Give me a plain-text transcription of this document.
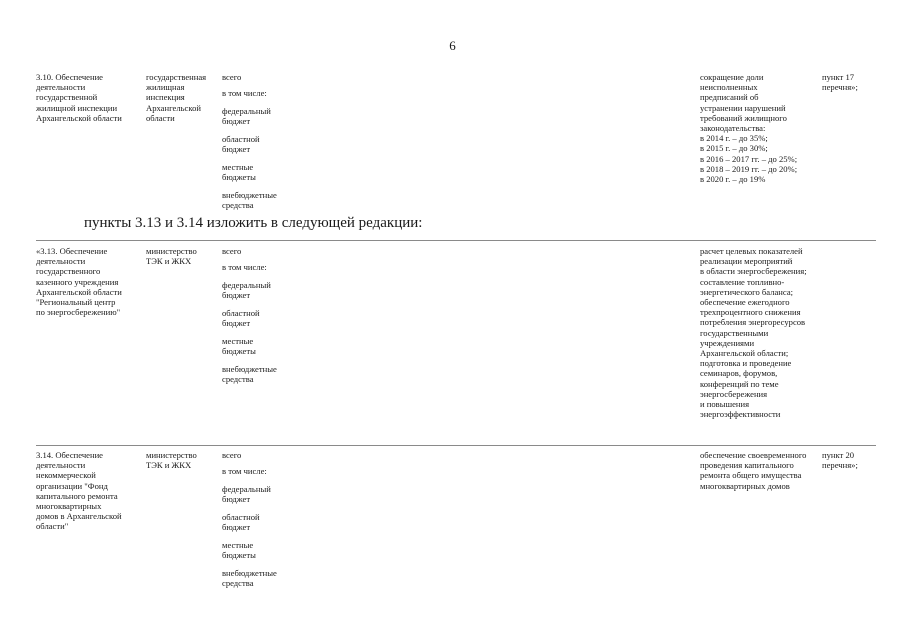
6
пункты 3.13 и 3.14 изложить в следующей редакции:
3.10. Обеспечение
деятельности
государственной
жилищной инспекции
Архангельской области
государственная
жилищная
инспекция
Архангельской
области
всего
в том числе:
федеральный
бюджет
областной
бюджет
местные
бюджеты
внебюджетные
средства
сокращение доли
неисполненных
предписаний об
устранении нарушений
требований жилищного
законодательства:
в 2014 г. – до 35%;
в 2015 г. – до 30%;
в 2016 – 2017 гг. – до 25%;
в 2018 – 2019 гг. – до 20%;
в 2020 г. – до 19%
пункт 17
перечня»;
«3.13. Обеспечение
деятельности
государственного
казенного учреждения
Архангельской области
"Региональный центр
по энергосбережению"
министерство
ТЭК и ЖКХ
всего
в том числе:
федеральный
бюджет
областной
бюджет
местные
бюджеты
внебюджетные
средства
расчет целевых показателей
реализации мероприятий
в области энергосбережения;
составление топливно-
энергетического баланса;
обеспечение ежегодного
трехпроцентного снижения
потребления энергоресурсов
государственными
учреждениями
Архангельской области;
подготовка и проведение
семинаров, форумов,
конференций по теме
энергосбережения
и повышения
энергоэффективности
3.14. Обеспечение
деятельности
некоммерческой
организации "Фонд
капитального ремонта
многоквартирных
домов в Архангельской
области"
министерство
ТЭК и ЖКХ
всего
в том числе:
федеральный
бюджет
областной
бюджет
местные
бюджеты
внебюджетные
средства
обеспечение своевременного
проведения капитального
ремонта общего имущества
многоквартирных домов
пункт 20
перечня»;
